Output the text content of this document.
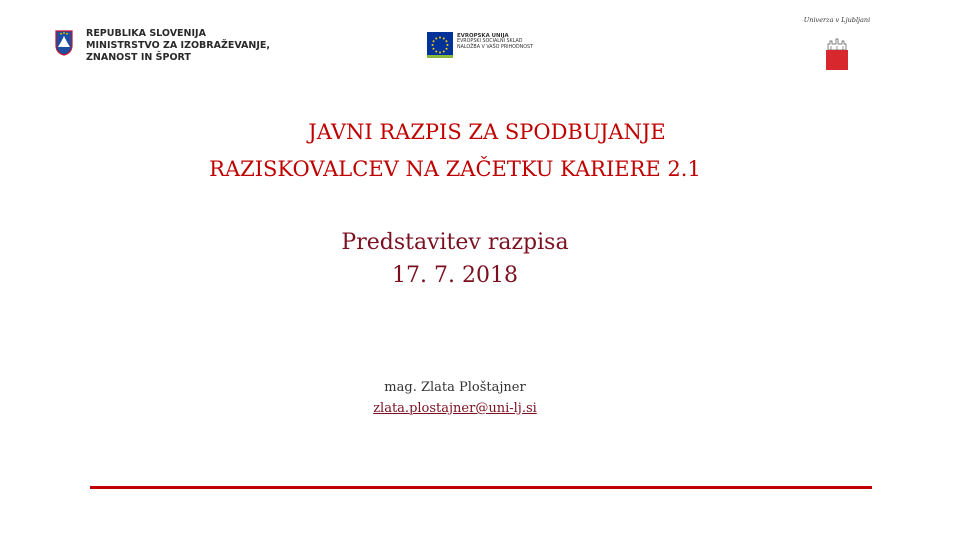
REPUBLIKA SLOVENIJA
MINISTRSTVO ZA IZOBRAŽEVANJE,
ZNANOST IN ŠPORT
EVROPSKA UNIJA
EVROPSKI SOCIALNI SKLAD
NALOŽBA V VAŠO PRIHODNOST
Univerza v Ljubljani
JAVNI RAZPIS ZA SPODBUJANJE
RAZISKOVALCEV NA ZAČETKU KARIERE 2.1
Predstavitev razpisa
17. 7. 2018
mag. Zlata Ploštajner
zlata.plostajner@uni-lj.si
